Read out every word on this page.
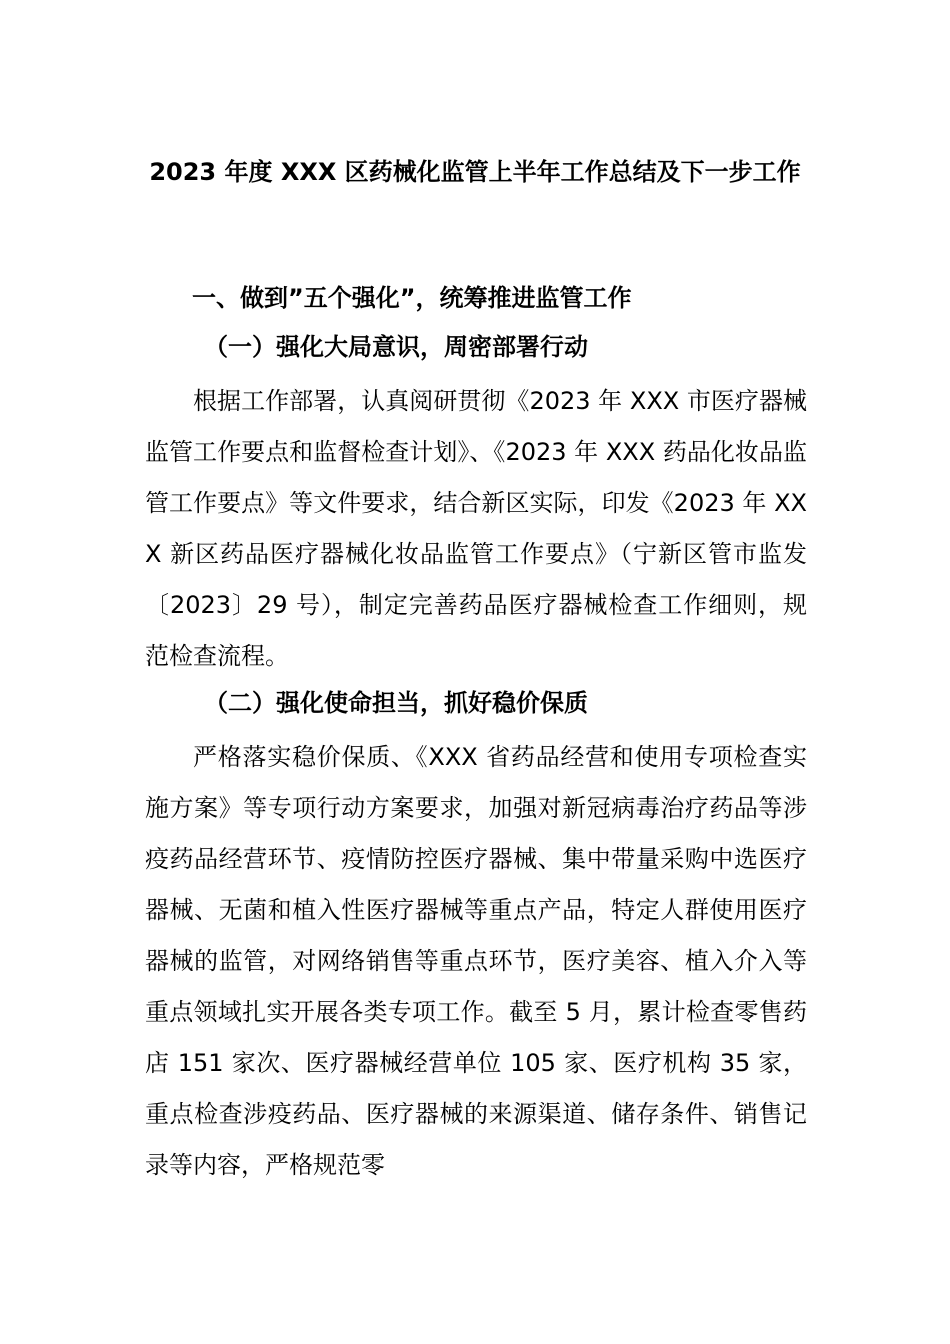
2023 年度 XXX 区药械化监管上半年工作总结及下一步工作
一、做到”五个强化”，统筹推进监管工作
（一）强化大局意识，周密部署行动

根据工作部署，认真阅研贯彻《2023 年 XXX 市医疗器械监管工作要点和监督检查计划》、《2023 年 XXX 药品化妆品监管工作要点》等文件要求，结合新区实际，印发《2023 年 XXX 新区药品医疗器械化妆品监管工作要点》（宁新区管市监发〔2023〕29 号），制定完善药品医疗器械检查工作细则，规范检查流程。

（二）强化使命担当，抓好稳价保质

严格落实稳价保质、《XXX 省药品经营和使用专项检查实施方案》等专项行动方案要求，加强对新冠病毒治疗药品等涉疫药品经营环节、疫情防控医疗器械、集中带量采购中选医疗器械、无菌和植入性医疗器械等重点产品，特定人群使用医疗器械的监管，对网络销售等重点环节，医疗美容、植入介入等重点领域扎实开展各类专项工作。截至 5 月，累计检查零售药店 151 家次、医疗器械经营单位 105 家、医疗机构 35 家，重点检查涉疫药品、医疗器械的来源渠道、储存条件、销售记录等内容，严格规范零
